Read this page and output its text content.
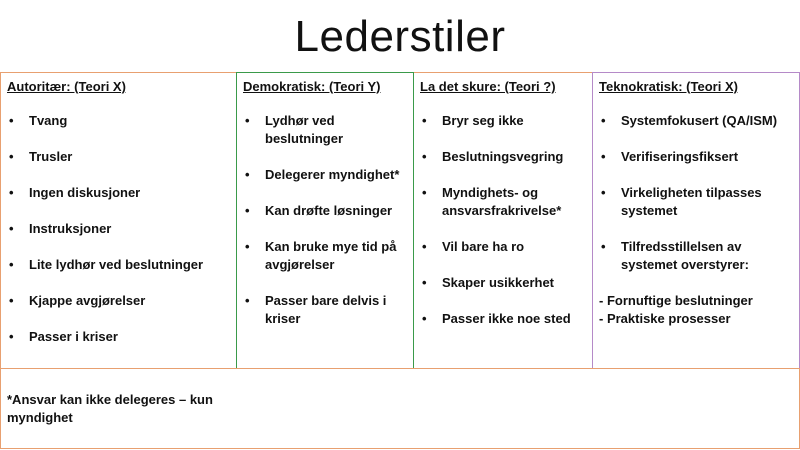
Lederstiler
Autoritær: (Teori X)
• Tvang
• Trusler
• Ingen diskusjoner
• Instruksjoner
• Lite lydhør ved beslutninger
• Kjappe avgjørelser
• Passer i kriser
Demokratisk: (Teori Y)
• Lydhør ved beslutninger
• Delegerer myndighet*
• Kan drøfte løsninger
• Kan bruke mye tid på avgjørelser
• Passer bare delvis i kriser
La det skure: (Teori ?)
• Bryr seg ikke
• Beslutningsvegring
• Myndighets- og ansvarsfrakrivelse*
• Vil bare ha ro
• Skaper usikkerhet
• Passer ikke noe sted
Teknokratisk: (Teori X)
• Systemfokusert (QA/ISM)
• Verifiseringsfiksert
• Virkeligheten tilpasses systemet
• Tilfredsstillelsen av systemet overstyrer:
- Fornuftige beslutninger
- Praktiske prosesser
*Ansvar kan ikke delegeres – kun myndighet
